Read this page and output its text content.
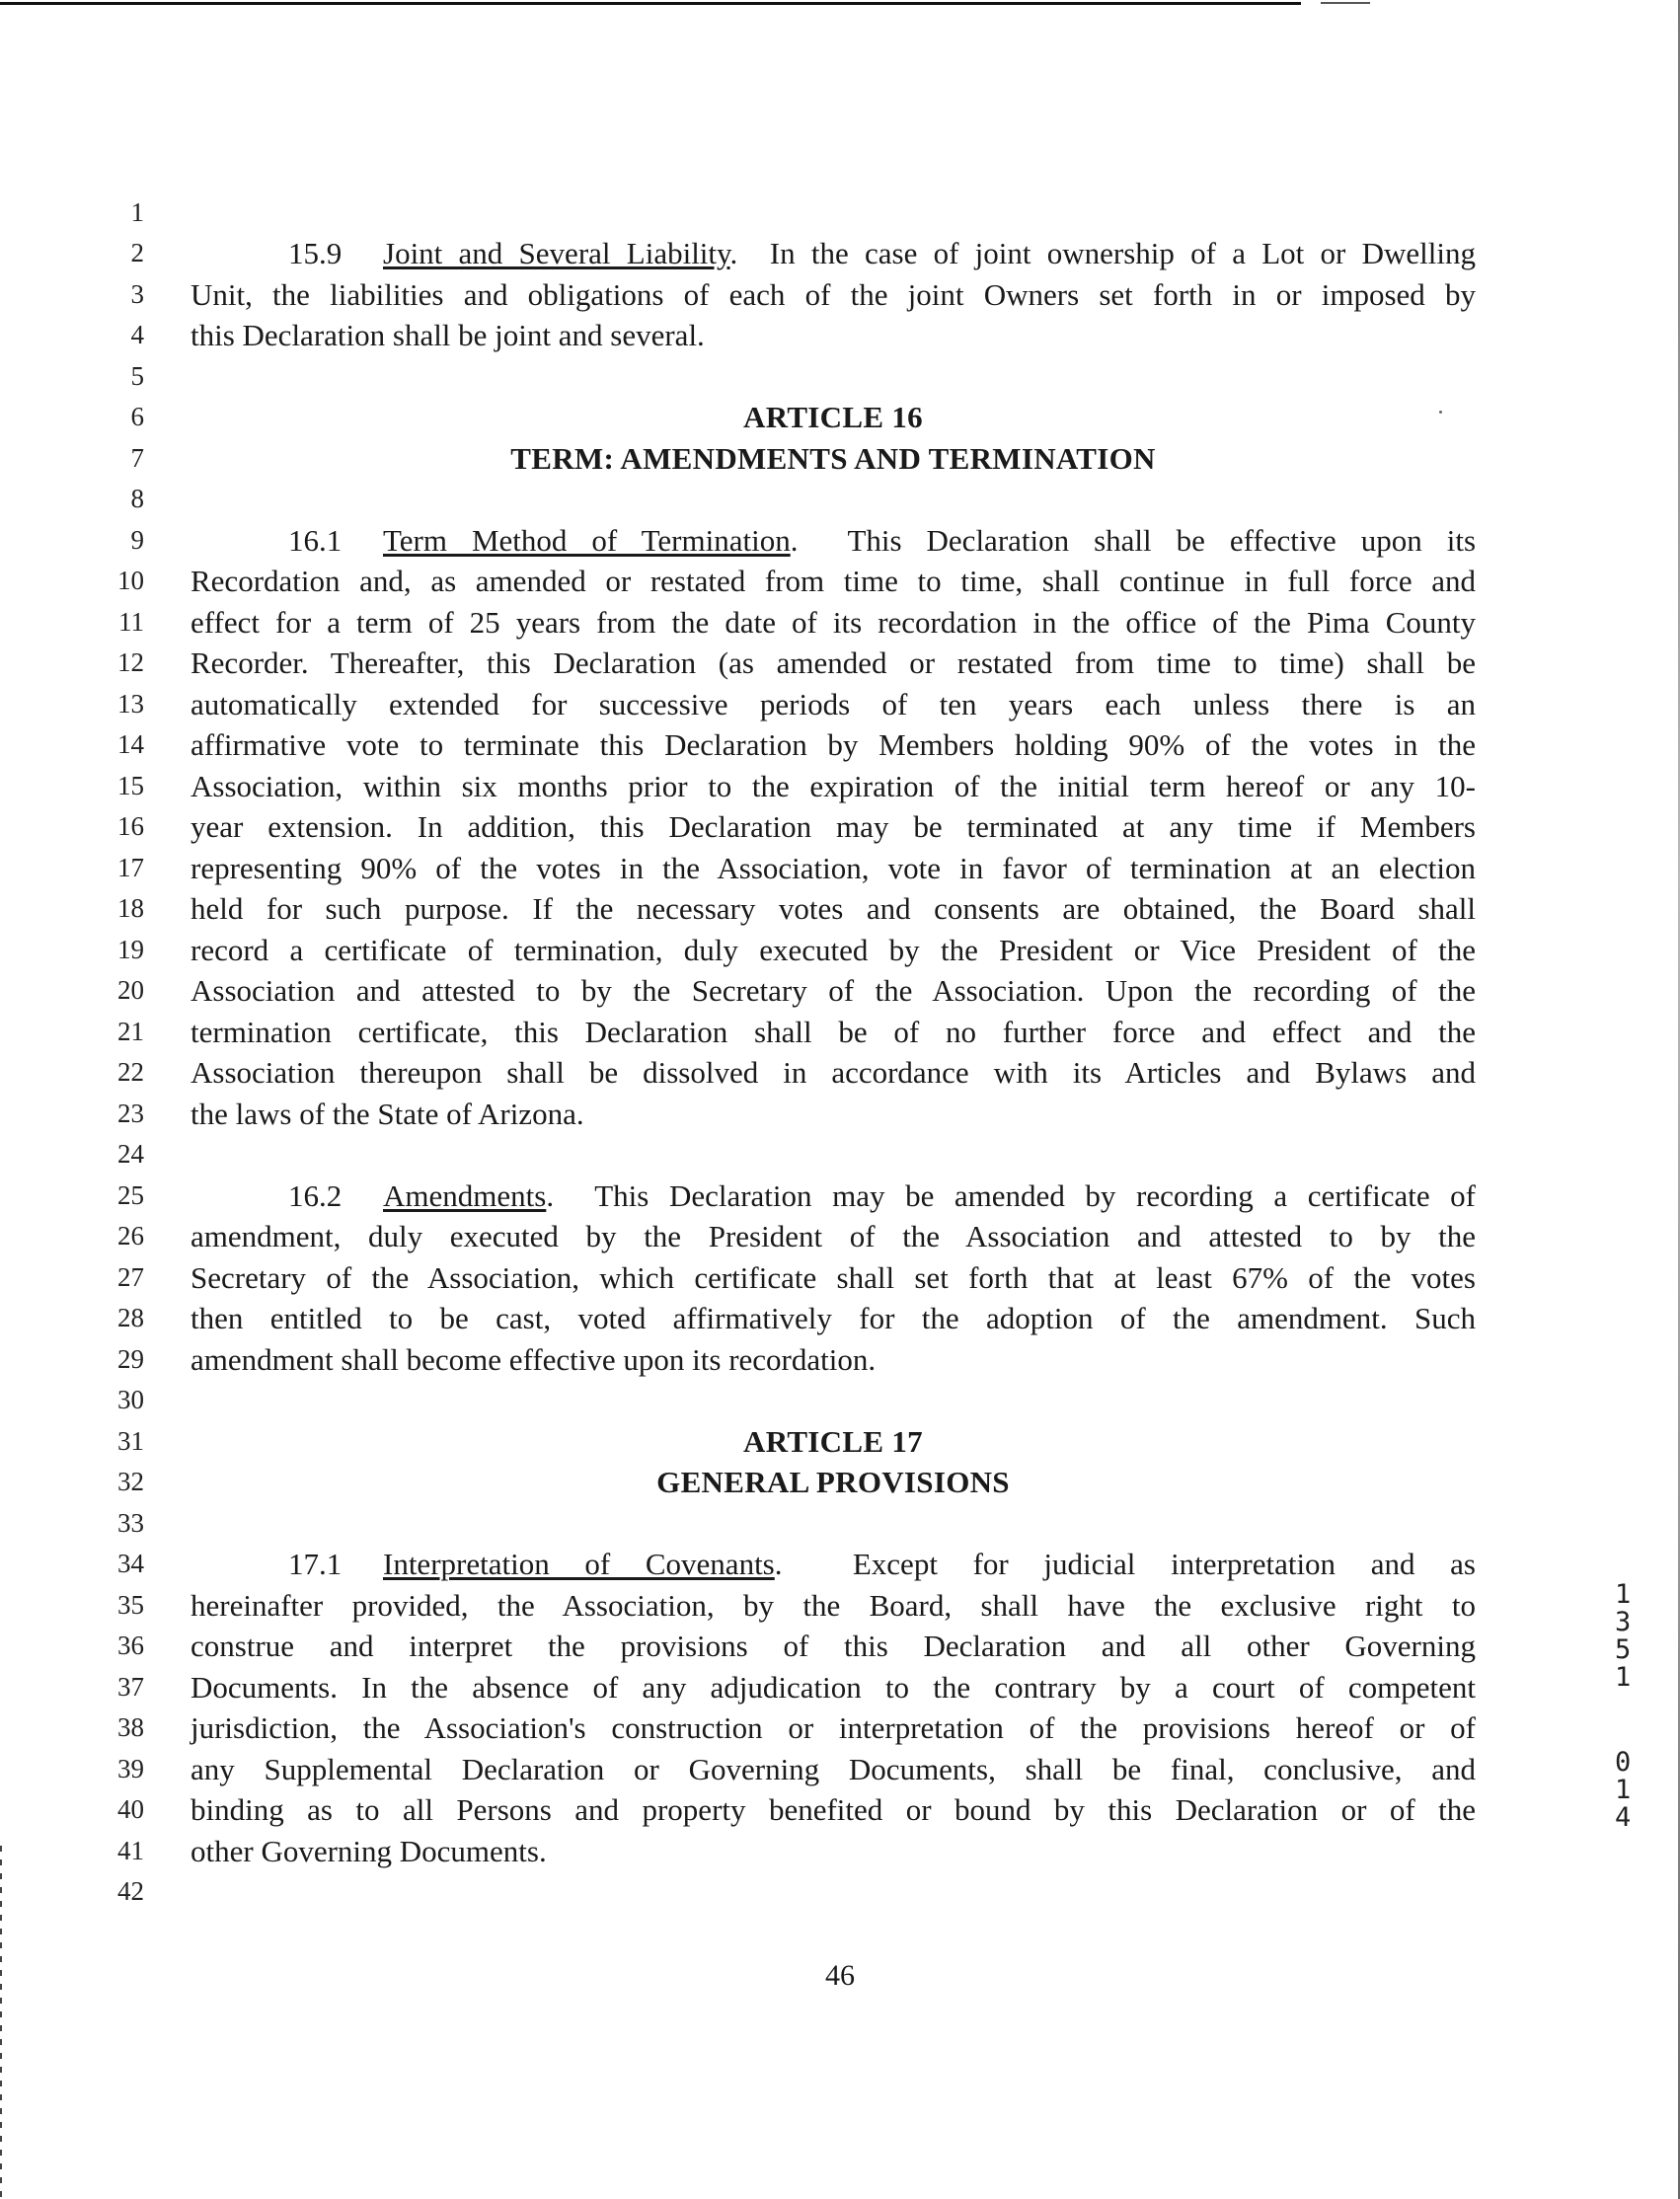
1
2
3
4
5
6
7
8
9
10
11
12
13
14
15
16
17
18
19
20
21
22
23
24
25
26
27
28
29
30
31
32
33
34
35
36
37
38
39
40
41
42
15.9 Joint and Several Liability.  In the case of joint ownership of a Lot or Dwelling
Unit, the liabilities and obligations of each of the joint Owners set forth in or imposed by
this Declaration shall be joint and several.
ARTICLE 16
TERM: AMENDMENTS AND TERMINATION
16.1 Term Method of Termination.  This Declaration shall be effective upon its
Recordation and, as amended or restated from time to time, shall continue in full force and
effect for a term of 25 years from the date of its recordation in the office of the Pima County
Recorder. Thereafter, this Declaration (as amended or restated from time to time) shall be
automatically extended for successive periods of ten years each unless there is an
affirmative vote to terminate this Declaration by Members holding 90% of the votes in the
Association, within six months prior to the expiration of the initial term hereof or any 10-
year extension. In addition, this Declaration may be terminated at any time if Members
representing 90% of the votes in the Association, vote in favor of termination at an election
held for such purpose. If the necessary votes and consents are obtained, the Board shall
record a certificate of termination, duly executed by the President or Vice President of the
Association and attested to by the Secretary of the Association. Upon the recording of the
termination certificate, this Declaration shall be of no further force and effect and the
Association thereupon shall be dissolved in accordance with its Articles and Bylaws and
the laws of the State of Arizona.
16.2 Amendments.  This Declaration may be amended by recording a certificate of
amendment, duly executed by the President of the Association and attested to by the
Secretary of the Association, which certificate shall set forth that at least 67% of the votes
then entitled to be cast, voted affirmatively for the adoption of the amendment. Such
amendment shall become effective upon its recordation.
ARTICLE 17
GENERAL PROVISIONS
17.1 Interpretation of Covenants.  Except for judicial interpretation and as
hereinafter provided, the Association, by the Board, shall have the exclusive right to
construe and interpret the provisions of this Declaration and all other Governing
Documents. In the absence of any adjudication to the contrary by a court of competent
jurisdiction, the Association's construction or interpretation of the provisions hereof or of
any Supplemental Declaration or Governing Documents, shall be final, conclusive, and
binding as to all Persons and property benefited or bound by this Declaration or of the
other Governing Documents.
1
3
5
1
0
1
4
46
